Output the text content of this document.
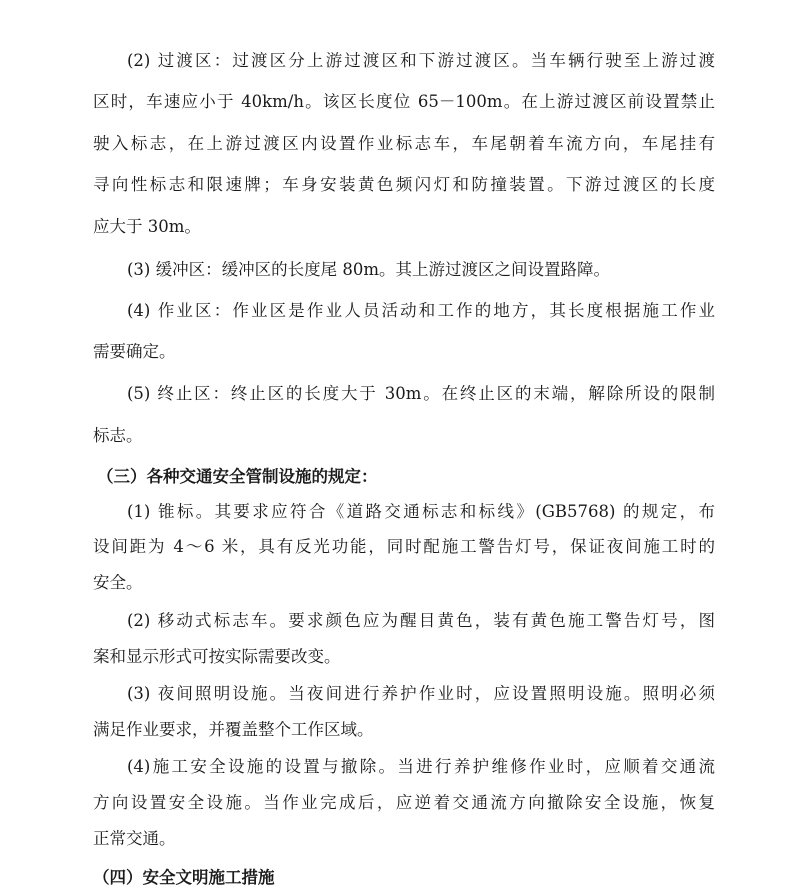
(2) 过渡区：过渡区分上游过渡区和下游过渡区。当车辆行驶至上游过渡

区时，车速应小于 40km/h。该区长度位 65－100m。在上游过渡区前设置禁止

驶入标志，在上游过渡区内设置作业标志车，车尾朝着车流方向，车尾挂有

寻向性标志和限速牌；车身安装黄色频闪灯和防撞装置。下游过渡区的长度

应大于 30m。

(3) 缓冲区：缓冲区的长度尾 80m。其上游过渡区之间设置路障。

(4) 作业区：作业区是作业人员活动和工作的地方，其长度根据施工作业

需要确定。

(5) 终止区：终止区的长度大于 30m。在终止区的末端，解除所设的限制

标志。

（三）各种交通安全管制设施的规定：

(1) 锥标。其要求应符合《道路交通标志和标线》(GB5768) 的规定，布

设间距为 4～6 米，具有反光功能，同时配施工警告灯号，保证夜间施工时的

安全。

(2) 移动式标志车。要求颜色应为醒目黄色，装有黄色施工警告灯号，图

案和显示形式可按实际需要改变。

(3) 夜间照明设施。当夜间进行养护作业时，应设置照明设施。照明必须

满足作业要求，并覆盖整个工作区域。

(4)施工安全设施的设置与撤除。当进行养护维修作业时，应顺着交通流

方向设置安全设施。当作业完成后，应逆着交通流方向撤除安全设施，恢复

正常交通。

（四）安全文明施工措施
